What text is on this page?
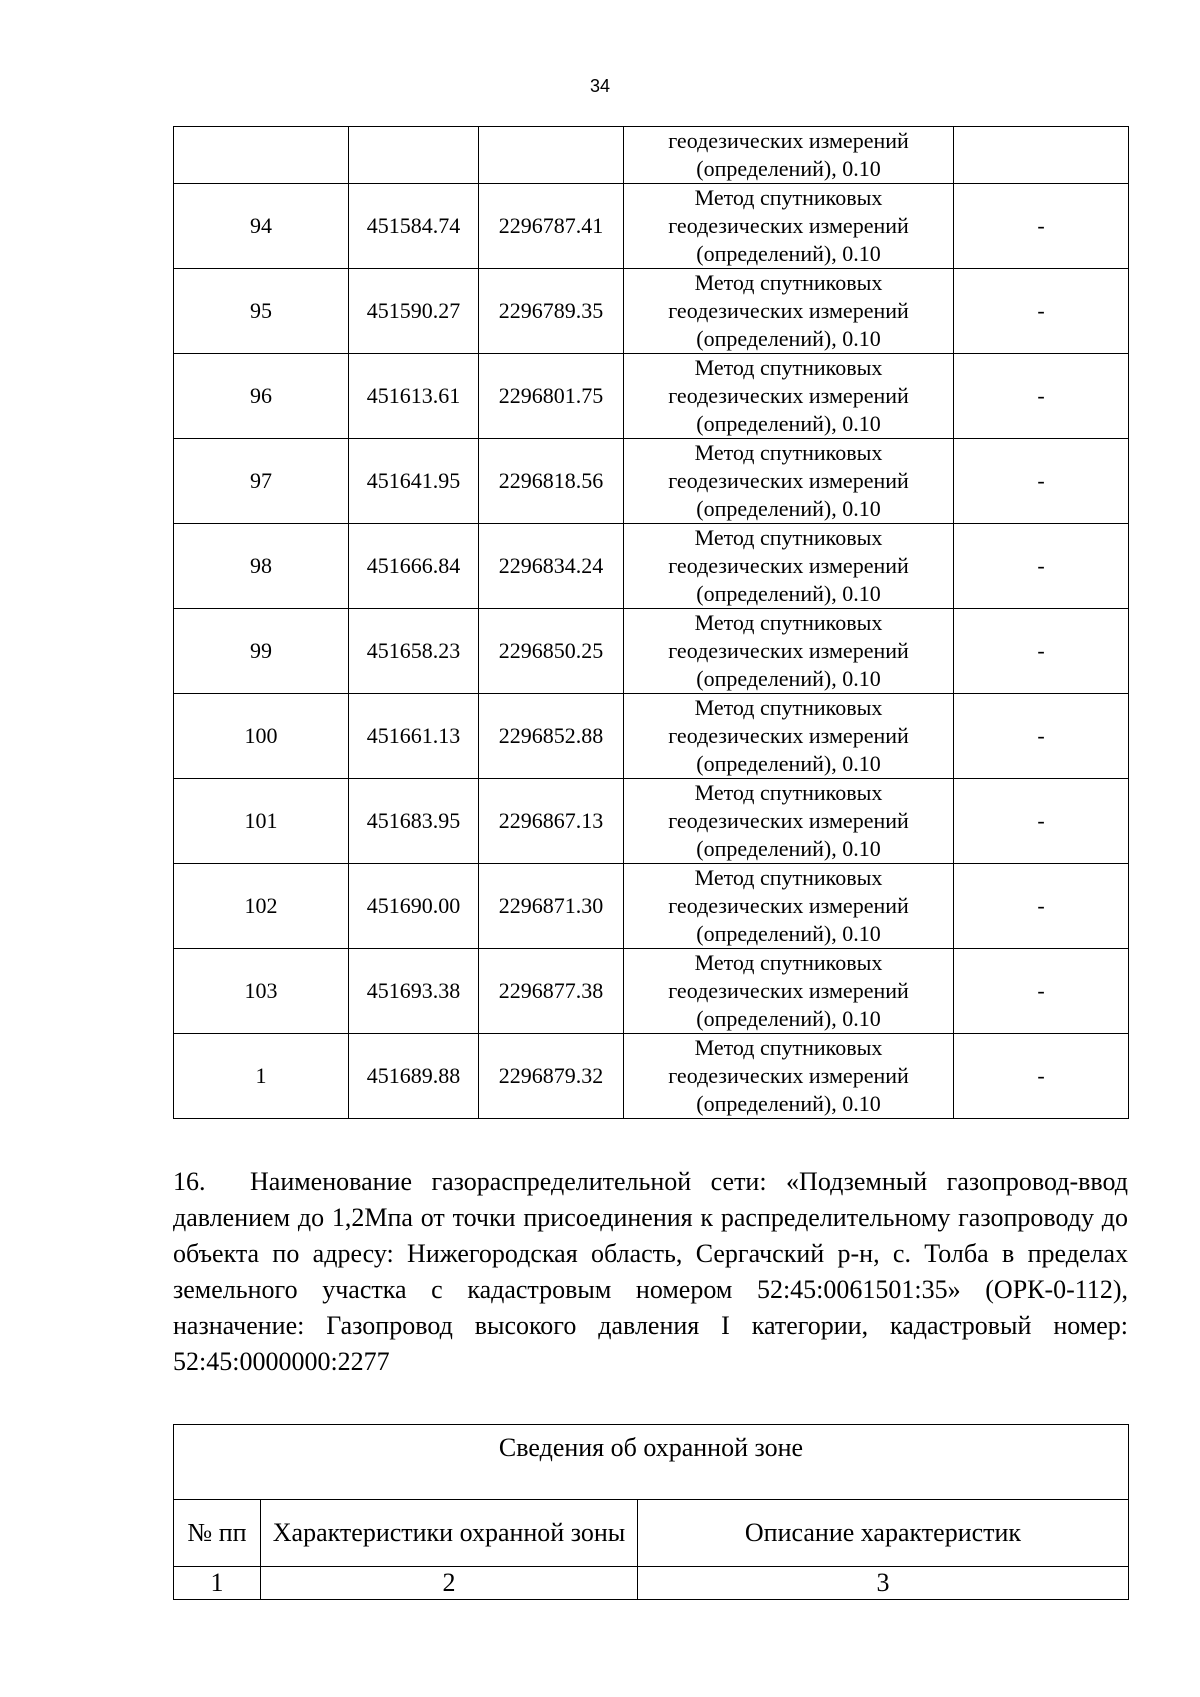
34

			геодезических измерений
(определений), 0.10	

94	451584.74	2296787.41	Метод спутниковых
геодезических измерений
(определений), 0.10	-
95	451590.27	2296789.35	Метод спутниковых
геодезических измерений
(определений), 0.10	-
96	451613.61	2296801.75	Метод спутниковых
геодезических измерений
(определений), 0.10	-
97	451641.95	2296818.56	Метод спутниковых
геодезических измерений
(определений), 0.10	-
98	451666.84	2296834.24	Метод спутниковых
геодезических измерений
(определений), 0.10	-
99	451658.23	2296850.25	Метод спутниковых
геодезических измерений
(определений), 0.10	-
100	451661.13	2296852.88	Метод спутниковых
геодезических измерений
(определений), 0.10	-
101	451683.95	2296867.13	Метод спутниковых
геодезических измерений
(определений), 0.10	-
102	451690.00	2296871.30	Метод спутниковых
геодезических измерений
(определений), 0.10	-
103	451693.38	2296877.38	Метод спутниковых
геодезических измерений
(определений), 0.10	-
1	451689.88	2296879.32	Метод спутниковых
геодезических измерений
(определений), 0.10	-

16. Наименование газораспределительной сети: «Подземный газопровод-ввод давлением до 1,2Мпа от точки присоединения к распределительному газопроводу до объекта по адресу: Нижегородская область, Сергачский р-н, с. Толба в пределах земельного участка с кадастровым номером 52:45:0061501:35» (ОРК-0-112), назначение: Газопровод высокого давления I категории, кадастровый номер: 52:45:0000000:2277

Сведения об охранной зоне		
№ пп	Характеристики охранной зоны	Описание характеристик
1	2	3
